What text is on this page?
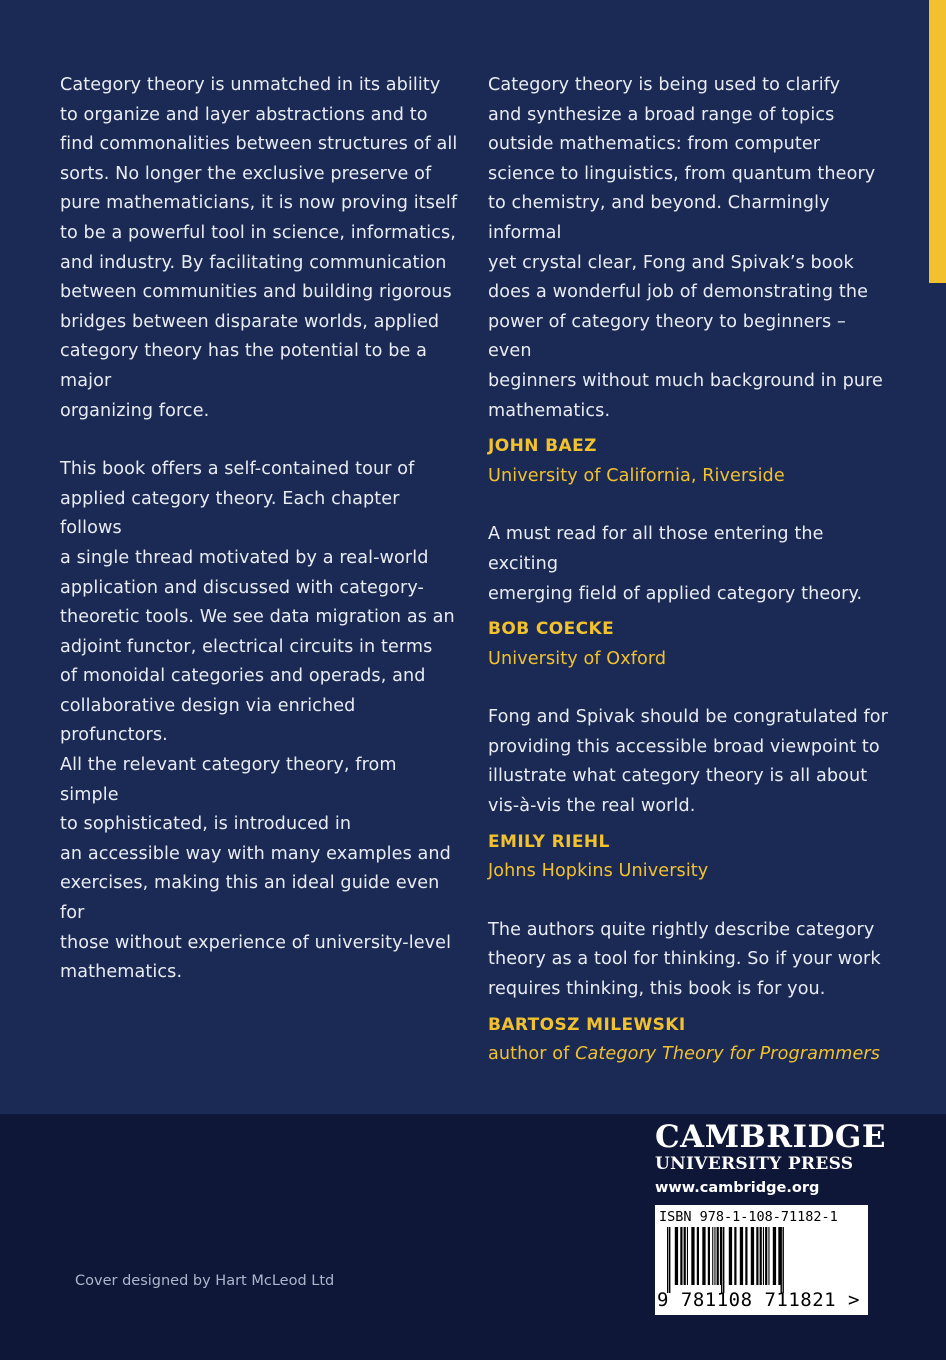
Category theory is unmatched in its ability
to organize and layer abstractions and to
find commonalities between structures of all
sorts. No longer the exclusive preserve of
pure mathematicians, it is now proving itself
to be a powerful tool in science, informatics,
and industry. By facilitating communication
between communities and building rigorous
bridges between disparate worlds, applied
category theory has the potential to be a major
organizing force.

This book offers a self-contained tour of
applied category theory. Each chapter follows
a single thread motivated by a real-world
application and discussed with category-
theoretic tools. We see data migration as an
adjoint functor, electrical circuits in terms
of monoidal categories and operads, and
collaborative design via enriched profunctors.
All the relevant category theory, from simple
to sophisticated, is introduced in
an accessible way with many examples and
exercises, making this an ideal guide even for
those without experience of university-level
mathematics.

Category theory is being used to clarify
and synthesize a broad range of topics
outside mathematics: from computer
science to linguistics, from quantum theory
to chemistry, and beyond. Charmingly informal
yet crystal clear, Fong and Spivak’s book
does a wonderful job of demonstrating the
power of category theory to beginners – even
beginners without much background in pure
mathematics.

JOHN BAEZ
University of California, Riverside

A must read for all those entering the exciting
emerging field of applied category theory.

BOB COECKE
University of Oxford

Fong and Spivak should be congratulated for
providing this accessible broad viewpoint to
illustrate what category theory is all about
vis-à-vis the real world.

EMILY RIEHL
Johns Hopkins University

The authors quite rightly describe category
theory as a tool for thinking. So if your work
requires thinking, this book is for you.

BARTOSZ MILEWSKI
author of Category Theory for Programmers
Cover designed by Hart McLeod Ltd
CAMBRIDGE
UNIVERSITY PRESS
www.cambridge.org
ISBN 978-1-108-71182-1
9 781108 711821 >
